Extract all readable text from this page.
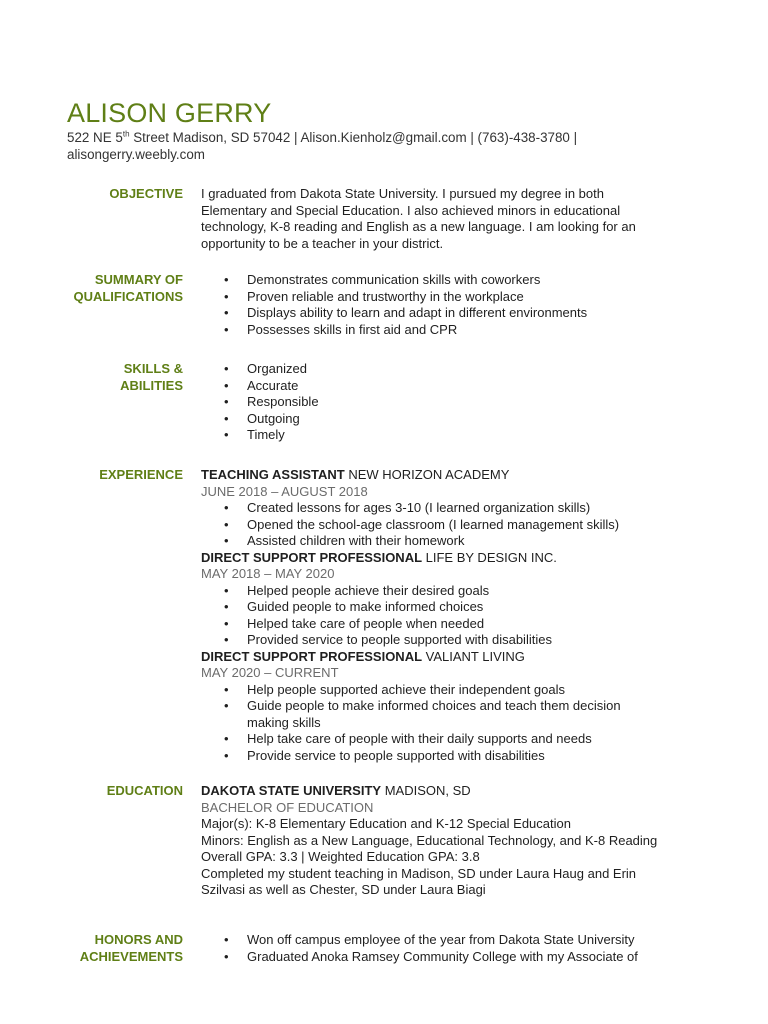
ALISON GERRY
522 NE 5th Street Madison, SD 57042 | Alison.Kienholz@gmail.com | (763)-438-3780 |
alisongerry.weebly.com
OBJECTIVE I graduated from Dakota State University. I pursued my degree in both Elementary and Special Education. I also achieved minors in educational technology, K-8 reading and English as a new language. I am looking for an opportunity to be a teacher in your district.
SUMMARY OF
QUALIFICATIONS
• Demonstrates communication skills with coworkers
• Proven reliable and trustworthy in the workplace
• Displays ability to learn and adapt in different environments
• Possesses skills in first aid and CPR
SKILLS &
ABILITIES
• Organized
• Accurate
• Responsible
• Outgoing
• Timely
EXPERIENCE TEACHING ASSISTANT NEW HORIZON ACADEMY
JUNE 2018 – AUGUST 2018
• Created lessons for ages 3-10 (I learned organization skills)
• Opened the school-age classroom (I learned management skills)
• Assisted children with their homework
DIRECT SUPPORT PROFESSIONAL LIFE BY DESIGN INC.
MAY 2018 – MAY 2020
• Helped people achieve their desired goals
• Guided people to make informed choices
• Helped take care of people when needed
• Provided service to people supported with disabilities
DIRECT SUPPORT PROFESSIONAL VALIANT LIVING
MAY 2020 – CURRENT
• Help people supported achieve their independent goals
• Guide people to make informed choices and teach them decision making skills
• Help take care of people with their daily supports and needs
• Provide service to people supported with disabilities
EDUCATION DAKOTA STATE UNIVERSITY MADISON, SD
BACHELOR OF EDUCATION
Major(s): K-8 Elementary Education and K-12 Special Education
Minors: English as a New Language, Educational Technology, and K-8 Reading
Overall GPA: 3.3 | Weighted Education GPA: 3.8
Completed my student teaching in Madison, SD under Laura Haug and Erin Szilvasi as well as Chester, SD under Laura Biagi
HONORS AND
ACHIEVEMENTS
• Won off campus employee of the year from Dakota State University
• Graduated Anoka Ramsey Community College with my Associate of
